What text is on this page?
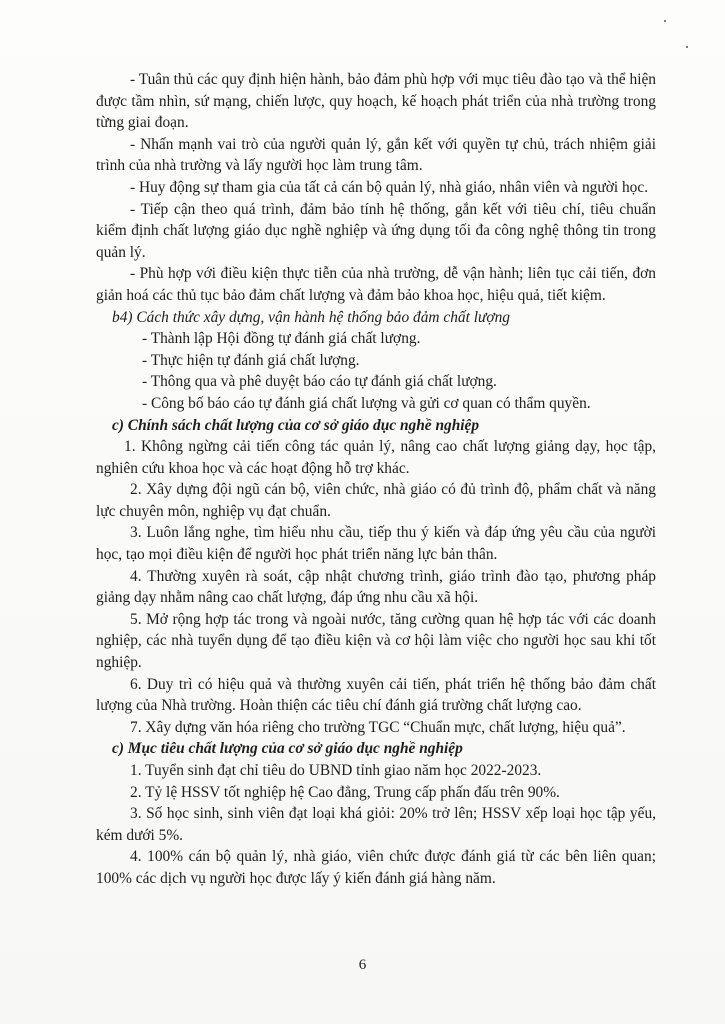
- Tuân thủ các quy định hiện hành, bảo đảm phù hợp với mục tiêu đào tạo và thể hiện được tầm nhìn, sứ mạng, chiến lược, quy hoạch, kế hoạch phát triển của nhà trường trong từng giai đoạn.

- Nhấn mạnh vai trò của người quản lý, gắn kết với quyền tự chủ, trách nhiệm giải trình của nhà trường và lấy người học làm trung tâm.

- Huy động sự tham gia của tất cả cán bộ quản lý, nhà giáo, nhân viên và người học.

- Tiếp cận theo quá trình, đảm bảo tính hệ thống, gắn kết với tiêu chí, tiêu chuẩn kiểm định chất lượng giáo dục nghề nghiệp và ứng dụng tối đa công nghệ thông tin trong quản lý.

- Phù hợp với điều kiện thực tiễn của nhà trường, dễ vận hành; liên tục cải tiến, đơn giản hoá các thủ tục bảo đảm chất lượng và đảm bảo khoa học, hiệu quả, tiết kiệm.

b4) Cách thức xây dựng, vận hành hệ thống bảo đảm chất lượng

- Thành lập Hội đồng tự đánh giá chất lượng.

- Thực hiện tự đánh giá chất lượng.

- Thông qua và phê duyệt báo cáo tự đánh giá chất lượng.

- Công bố báo cáo tự đánh giá chất lượng và gửi cơ quan có thẩm quyền.

c) Chính sách chất lượng của cơ sở giáo dục nghề nghiệp

1. Không ngừng cải tiến công tác quản lý, nâng cao chất lượng giảng dạy, học tập, nghiên cứu khoa học và các hoạt động hỗ trợ khác.

2. Xây dựng đội ngũ cán bộ, viên chức, nhà giáo có đủ trình độ, phẩm chất và năng lực chuyên môn, nghiệp vụ đạt chuẩn.

3. Luôn lắng nghe, tìm hiểu nhu cầu, tiếp thu ý kiến và đáp ứng yêu cầu của người học, tạo mọi điều kiện để người học phát triển năng lực bản thân.

4. Thường xuyên rà soát, cập nhật chương trình, giáo trình đào tạo, phương pháp giảng dạy nhằm nâng cao chất lượng, đáp ứng nhu cầu xã hội.

5. Mở rộng hợp tác trong và ngoài nước, tăng cường quan hệ hợp tác với các doanh nghiệp, các nhà tuyển dụng để tạo điều kiện và cơ hội làm việc cho người học sau khi tốt nghiệp.

6. Duy trì có hiệu quả và thường xuyên cải tiến, phát triển hệ thống bảo đảm chất lượng của Nhà trường. Hoàn thiện các tiêu chí đánh giá trường chất lượng cao.

7. Xây dựng văn hóa riêng cho trường TGC “Chuẩn mực, chất lượng, hiệu quả”.

c) Mục tiêu chất lượng của cơ sở giáo dục nghề nghiệp

1. Tuyển sinh đạt chỉ tiêu do UBND tỉnh giao năm học 2022-2023.

2. Tỷ lệ HSSV tốt nghiệp hệ Cao đẳng, Trung cấp phấn đấu trên 90%.

3. Số học sinh, sinh viên đạt loại khá giỏi: 20% trở lên; HSSV xếp loại học tập yếu, kém dưới 5%.

4. 100% cán bộ quản lý, nhà giáo, viên chức được đánh giá từ các bên liên quan; 100% các dịch vụ người học được lấy ý kiến đánh giá hàng năm.

6
